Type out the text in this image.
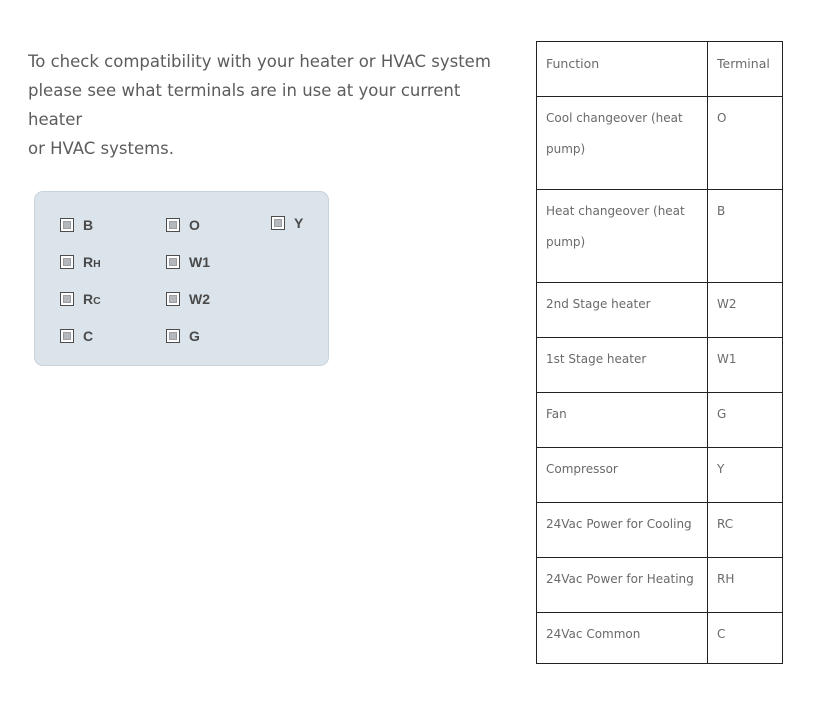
To check compatibility with your heater or HVAC system
please see what terminals are in use at your current heater
or HVAC systems.

B	O	Y
RH	W1
RC	W2
C	G
Function	Terminal
Cool changeover (heat pump)	O
Heat changeover (heat pump)	B
2nd Stage heater	W2
1st Stage heater	W1
Fan	G
Compressor	Y
24Vac Power for Cooling	RC
24Vac Power for Heating	RH
24Vac Common	C
